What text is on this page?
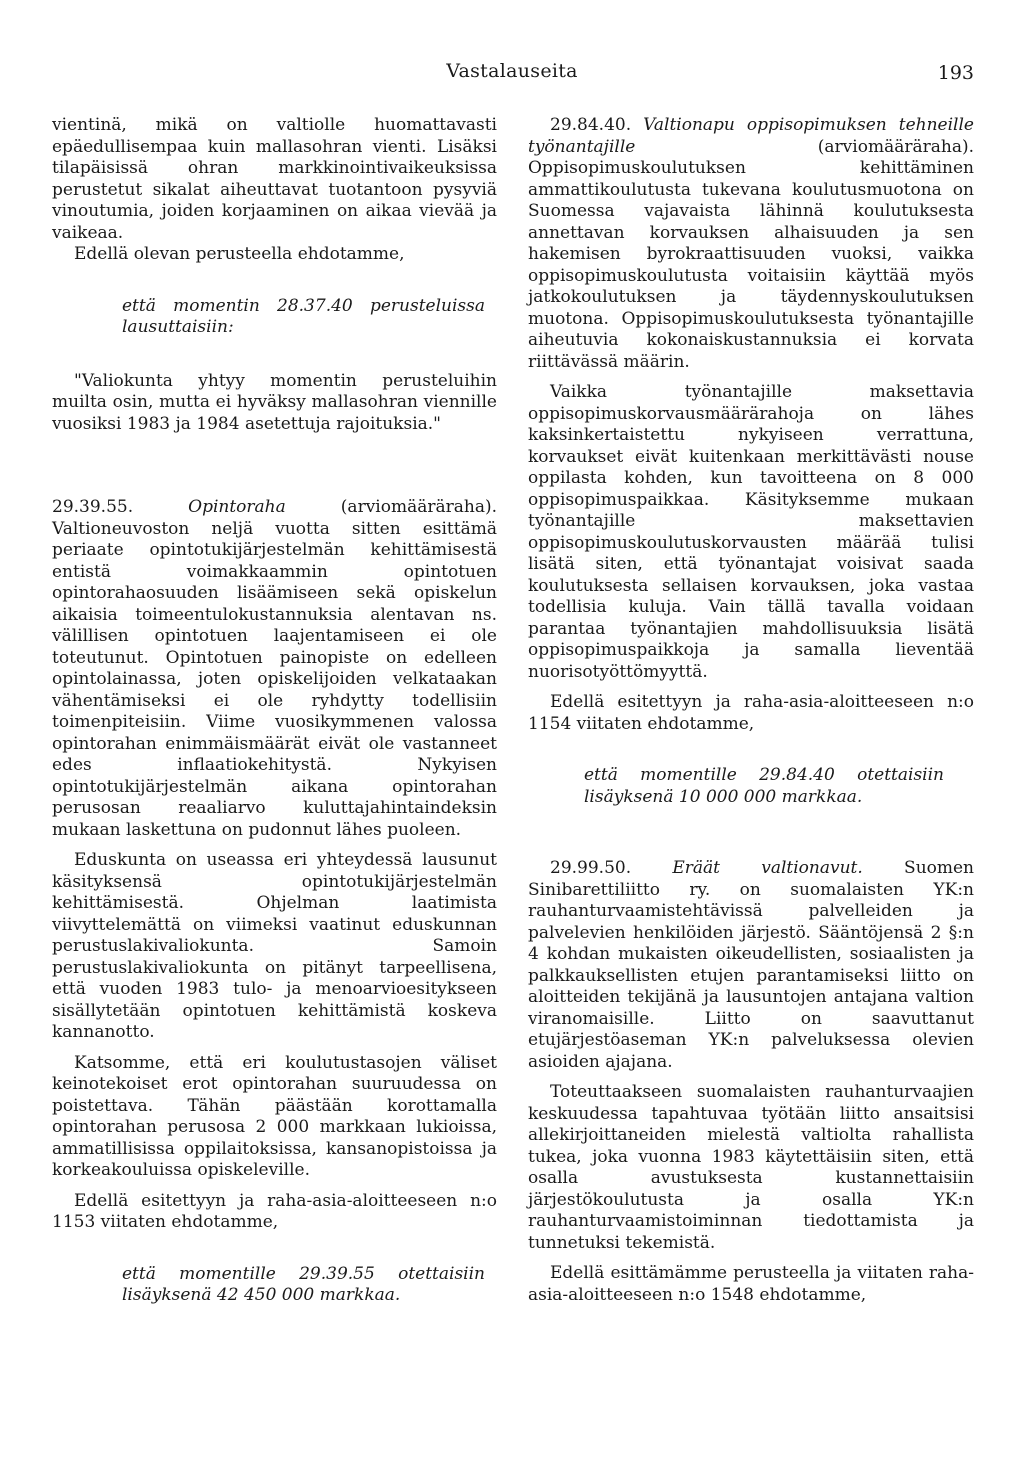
Vastalauseita	193

vientinä, mikä on valtiolle huomattavasti epäedullisempaa kuin mallasohran vienti. Lisäksi tilapäisissä ohran markkinointivaikeuksissa perustetut sikalat aiheuttavat tuotantoon pysyviä vinoutumia, joiden korjaaminen on aikaa vievää ja vaikeaa.

Edellä olevan perusteella ehdotamme,

että momentin 28.37.40 perusteluissa lausuttaisiin:

"Valiokunta yhtyy momentin perusteluihin muilta osin, mutta ei hyväksy mallasohran viennille vuosiksi 1983 ja 1984 asetettuja rajoituksia."

29.39.55.	Opintoraha	(arviomääräraha). Valtioneuvoston neljä vuotta sitten esittämä periaate opintotukijärjestelmän kehittämisestä entistä voimakkaammin opintotuen opintorahaosuuden lisäämiseen sekä opiskelun aikaisia toimeentulokustannuksia alentavan ns. välillisen opintotuen laajentamiseen ei ole toteutunut. Opintotuen painopiste on edelleen opintolainassa, joten opiskelijoiden velkataakan vähentämiseksi ei ole ryhdytty todellisiin toimenpiteisiin. Viime vuosikymmenen valossa opintorahan enimmäismäärät eivät ole vastanneet edes inflaatiokehitystä. Nykyisen opintotukijärjestelmän aikana opintorahan perusosan reaaliarvo kuluttajahintaindeksin mukaan laskettuna on pudonnut lähes puoleen.

Eduskunta on useassa eri yhteydessä lausunut käsityksensä opintotukijärjestelmän kehittämisestä. Ohjelman laatimista viivyttelemättä on viimeksi vaatinut eduskunnan perustuslakivaliokunta. Samoin perustuslakivaliokunta on pitänyt tarpeellisena, että vuoden 1983 tulo- ja menoarvioesitykseen sisällytetään opintotuen kehittämistä koskeva kannanotto.

Katsomme, että eri koulutustasojen väliset keinotekoiset erot opintorahan suuruudessa on poistettava. Tähän päästään korottamalla opintorahan perusosa 2 000 markkaan lukioissa, ammatillisissa oppilaitoksissa, kansanopistoissa ja korkeakouluissa opiskeleville.

Edellä esitettyyn ja raha-asia-aloitteeseen n:o 1153 viitaten ehdotamme,

että momentille 29.39.55 otettaisiin lisäyksenä 42 450 000 markkaa.

29.84.40. Valtionapu oppisopimuksen tehneille työnantajille	(arviomääräraha). Oppisopimuskoulutuksen kehittäminen ammattikoulutusta tukevana koulutusmuotona on Suomessa vajavaista lähinnä koulutuksesta annettavan korvauksen alhaisuuden ja sen hakemisen byrokraattisuuden vuoksi, vaikka oppisopimuskoulutusta voitaisiin käyttää myös jatkokoulutuksen ja täydennyskoulutuksen muotona. Oppisopimuskoulutuksesta työnantajille aiheutuvia kokonaiskustannuksia ei korvata riittävässä määrin.

Vaikka työnantajille maksettavia oppisopimuskorvausmäärärahoja on lähes kaksinkertaistettu nykyiseen verrattuna, korvaukset eivät kuitenkaan merkittävästi nouse oppilasta kohden, kun tavoitteena on 8 000 oppisopimuspaikkaa. Käsityksemme mukaan työnantajille maksettavien oppisopimuskoulutuskorvausten määrää tulisi lisätä siten, että työnantajat voisivat saada koulutuksesta sellaisen korvauksen, joka vastaa todellisia kuluja. Vain tällä tavalla voidaan parantaa työnantajien mahdollisuuksia lisätä oppisopimuspaikkoja ja samalla lieventää nuorisotyöttömyyttä.

Edellä esitettyyn ja raha-asia-aloitteeseen n:o 1154 viitaten ehdotamme,

että momentille 29.84.40 otettaisiin lisäyksenä 10 000 000 markkaa.

29.99.50. Eräät valtionavut. Suomen Sinibarettiliitto ry. on suomalaisten YK:n rauhanturvaamistehtävissä palvelleiden ja palvelevien henkilöiden järjestö. Sääntöjensä 2 §:n 4 kohdan mukaisten oikeudellisten, sosiaalisten ja palkkauksellisten etujen parantamiseksi liitto on aloitteiden tekijänä ja lausuntojen antajana valtion viranomaisille. Liitto on saavuttanut etujärjestöaseman YK:n palveluksessa olevien asioiden ajajana.

Toteuttaakseen suomalaisten rauhanturvaajien keskuudessa tapahtuvaa työtään liitto ansaitsisi allekirjoittaneiden mielestä valtiolta rahallista tukea, joka vuonna 1983 käytettäisiin siten, että osalla avustuksesta kustannettaisiin järjestökoulutusta ja osalla YK:n rauhanturvaamistoiminnan tiedottamista ja tunnetuksi tekemistä.

Edellä esittämämme perusteella ja viitaten raha-asia-aloitteeseen n:o 1548 ehdotamme,
